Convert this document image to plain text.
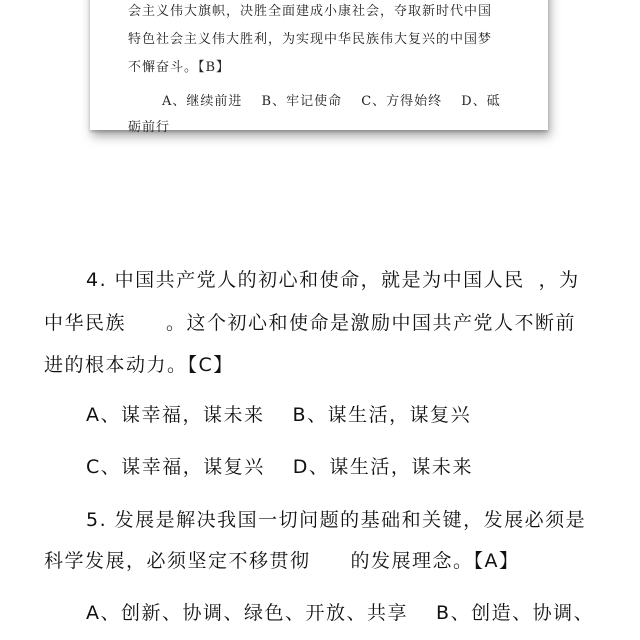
会主义伟大旗帜，决胜全面建成小康社会，夺取新时代中国
特色社会主义伟大胜利，为实现中华民族伟大复兴的中国梦
不懈奋斗。【B】
A、继续前进　 B、牢记使命　 C、方得始终　 D、砥
砺前行
4. 中国共产党人的初心和使命，就是为中国人民 ，为
中华民族 。这个初心和使命是激励中国共产党人不断前
进的根本动力。【C】
A、谋幸福，谋未来　 B、谋生活，谋复兴
C、谋幸福，谋复兴　 D、谋生活，谋未来
5. 发展是解决我国一切问题的基础和关键，发展必须是
科学发展，必须坚定不移贯彻 的发展理念。【A】
A、创新、协调、绿色、开放、共享　 B、创造、协调、
